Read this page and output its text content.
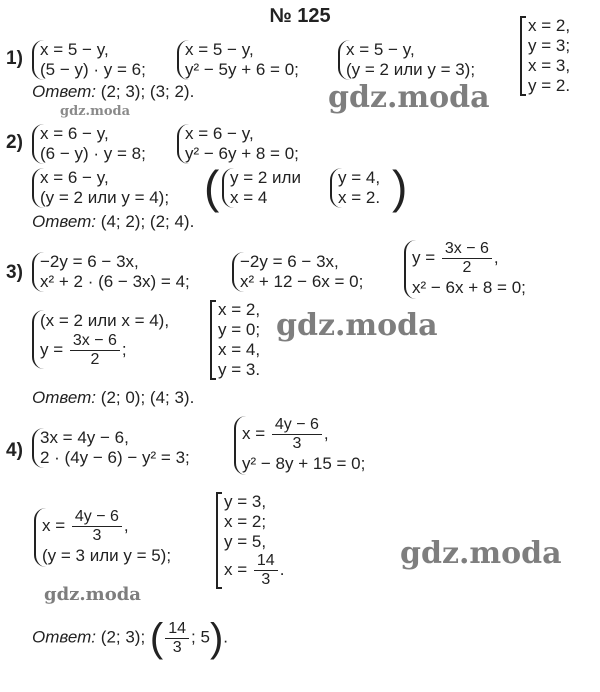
№ 125
1) x = 5 − y,
(5 − y) · y = 6;
x = 5 − y,
y² − 5y + 6 = 0;
x = 5 − y,
(y = 2 или y = 3);
x = 2,
y = 3;
x = 3,
y = 2.
Ответ: (2; 3); (3; 2).
2) x = 6 − y,
(6 − y) · y = 8;
x = 6 − y,
y² − 6y + 8 = 0;
x = 6 − y,
(y = 2 или y = 4); ( y = 2 или
x = 4
y = 4,
x = 2. )
Ответ: (4; 2); (2; 4).
3)
−2y = 6 − 3x,
x² + 2 · (6 − 3x) = 4;
−2y = 6 − 3x,
x² + 12 − 6x = 0;
$y = \frac{3x - 6}{2}$ ,
x² − 6x + 8 = 0;
(x = 2 или x = 4),
$y = \frac{3x - 6}{2}$ ;
x = 2,
y = 0;
x = 4,
y = 3.
Ответ: (2; 0); (4; 3).
4)
3x = 4y − 6,
2 · (4y − 6) − y² = 3;
$x = \frac{4y - 6}{3}$ ,
y² − 8y + 15 = 0;
$x = \frac{4y - 6}{3}$ ,
(y = 3 или y = 5);
y = 3,
x = 2;
y = 5,
$x = \frac{14}{3}$ .
Ответ: (2; 3); ( $\frac{14}{3}$ ; 5).
gdz.moda
gdz.moda
gdz.moda
gdz.moda
gdz.moda
